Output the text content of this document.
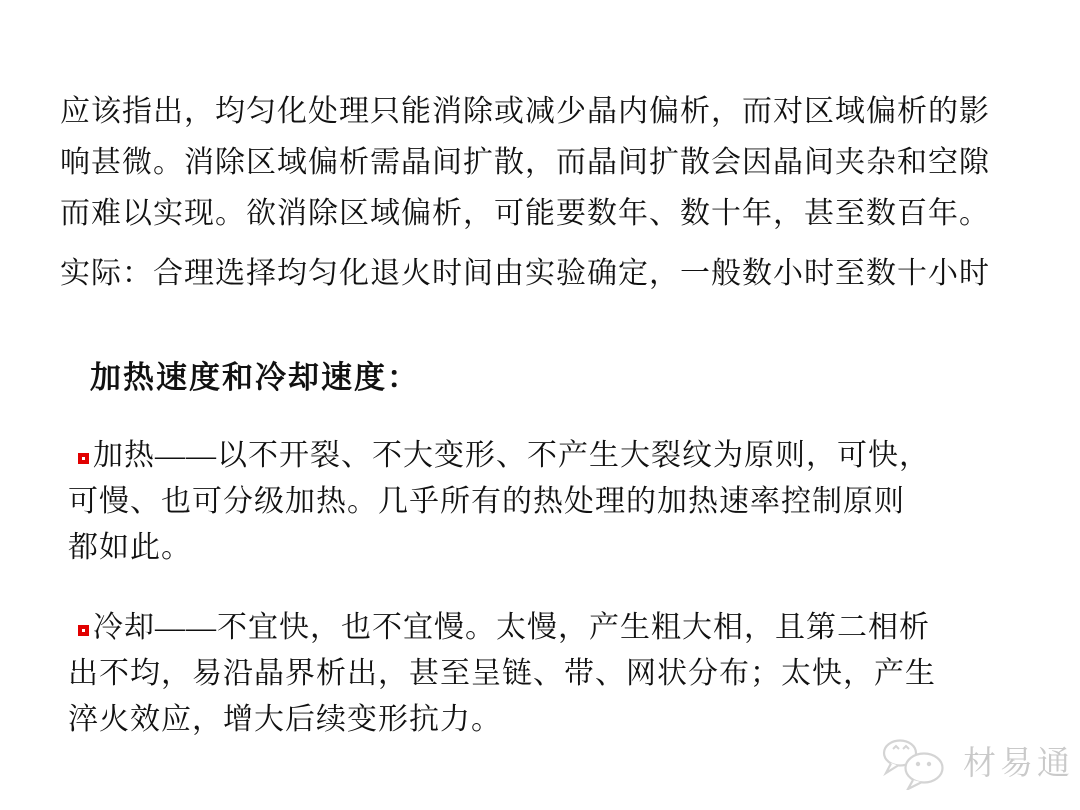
应该指出，均匀化处理只能消除或减少晶内偏析，而对区域偏析的影
响甚微。消除区域偏析需晶间扩散，而晶间扩散会因晶间夹杂和空隙
而难以实现。欲消除区域偏析，可能要数年、数十年，甚至数百年。
实际：合理选择均匀化退火时间由实验确定，一般数小时至数十小时
加热速度和冷却速度：
加热——以不开裂、不大变形、不产生大裂纹为原则，可快，
可慢、也可分级加热。几乎所有的热处理的加热速率控制原则
都如此。
冷却——不宜快，也不宜慢。太慢，产生粗大相，且第二相析
出不均，易沿晶界析出，甚至呈链、带、网状分布；太快，产生
淬火效应，增大后续变形抗力。
材易通
